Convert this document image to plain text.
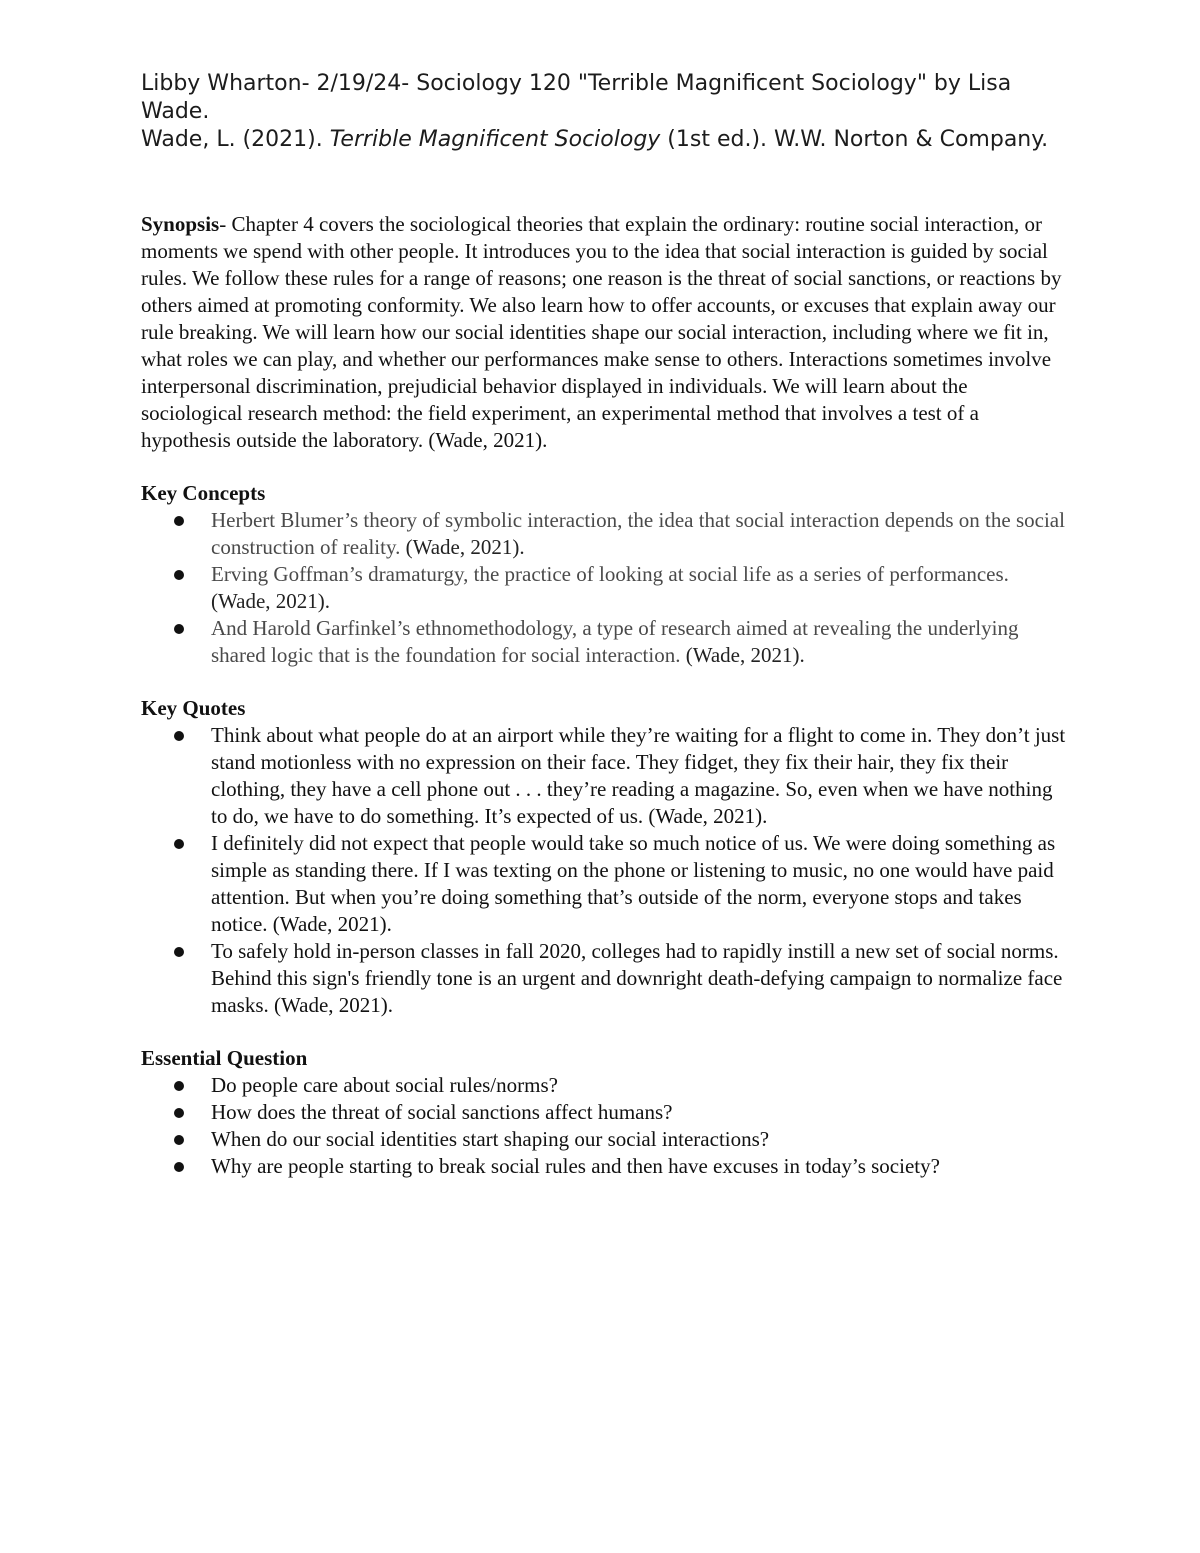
Libby Wharton- 2/19/24- Sociology 120 "Terrible Magnificent Sociology" by Lisa Wade.

Wade, L. (2021). Terrible Magnificent Sociology (1st ed.). W.W. Norton & Company.

Synopsis- Chapter 4 covers the sociological theories that explain the ordinary: routine social interaction, or moments we spend with other people. It introduces you to the idea that social interaction is guided by social rules. We follow these rules for a range of reasons; one reason is the threat of social sanctions, or reactions by others aimed at promoting conformity. We also learn how to offer accounts, or excuses that explain away our rule breaking. We will learn how our social identities shape our social interaction, including where we fit in, what roles we can play, and whether our performances make sense to others. Interactions sometimes involve interpersonal discrimination, prejudicial behavior displayed in individuals. We will learn about the sociological research method: the field experiment, an experimental method that involves a test of a hypothesis outside the laboratory. (Wade, 2021).

Key Concepts
Herbert Blumer’s theory of symbolic interaction, the idea that social interaction depends on the social construction of reality. (Wade, 2021).
Erving Goffman’s dramaturgy, the practice of looking at social life as a series of performances. (Wade, 2021).
And Harold Garfinkel’s ethnomethodology, a type of research aimed at revealing the underlying shared logic that is the foundation for social interaction. (Wade, 2021).
Key Quotes
Think about what people do at an airport while they’re waiting for a flight to come in. They don’t just stand motionless with no expression on their face. They fidget, they fix their hair, they fix their clothing, they have a cell phone out . . . they’re reading a magazine. So, even when we have nothing to do, we have to do something. It’s expected of us. (Wade, 2021).
I definitely did not expect that people would take so much notice of us. We were doing something as simple as standing there. If I was texting on the phone or listening to music, no one would have paid attention. But when you’re doing something that’s outside of the norm, everyone stops and takes notice. (Wade, 2021).
To safely hold in-person classes in fall 2020, colleges had to rapidly instill a new set of social norms. Behind this sign's friendly tone is an urgent and downright death-defying campaign to normalize face masks. (Wade, 2021).
Essential Question
Do people care about social rules/norms?
How does the threat of social sanctions affect humans?
When do our social identities start shaping our social interactions?
Why are people starting to break social rules and then have excuses in today’s society?
